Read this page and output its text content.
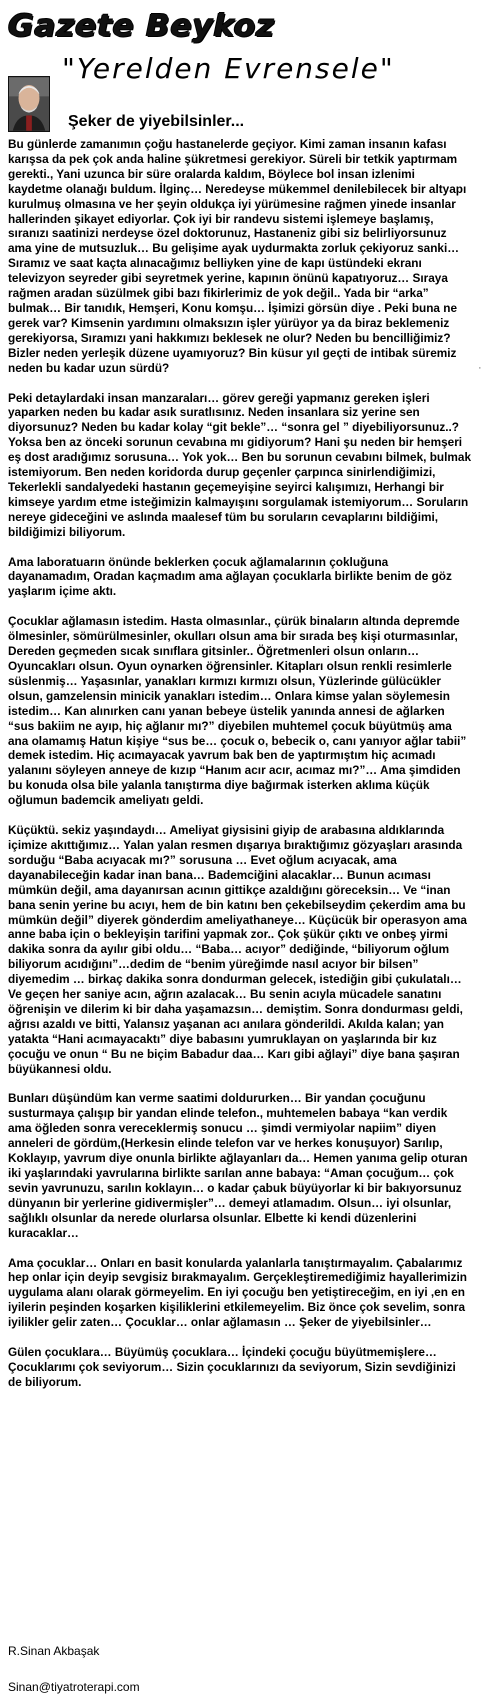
Gazete Beykoz
"Yerelden Evrensele"
Şeker de yiyebilsinler...

Bu günlerde zamanımın çoğu hastanelerde geçiyor. Kimi zaman insanın kafası karışsa da pek çok anda haline şükretmesi gerekiyor. Süreli bir tetkik yaptırmam gerekti., Yani uzunca bir süre oralarda kaldım, Böylece bol insan izlenimi kaydetme olanağı buldum. İlginç… Neredeyse mükemmel denilebilecek bir altyapı kurulmuş olmasına ve her şeyin oldukça iyi yürümesine rağmen yinede insanlar hallerinden şikayet ediyorlar. Çok iyi bir randevu sistemi işlemeye başlamış, sıranızı saatinizi nerdeyse özel doktorunuz, Hastaneniz gibi siz belirliyorsunuz ama yine de mutsuzluk… Bu gelişime ayak uydurmakta zorluk çekiyoruz sanki… Sıramız ve saat kaçta alınacağımız belliyken yine de kapı üstündeki ekranı televizyon seyreder gibi seyretmek yerine, kapının önünü kapatıyoruz… Sıraya rağmen aradan süzülmek gibi bazı fikirlerimiz de yok değil.. Yada bir “arka” bulmak… Bir tanıdık, Hemşeri, Konu komşu… İşimizi görsün diye . Peki buna ne gerek var? Kimsenin yardımını olmaksızın işler yürüyor ya da biraz beklemeniz gerekiyorsa, Sıramızı yani hakkımızı beklesek ne olur? Neden bu bencilliğimiz? Bizler neden yerleşik düzene uyamıyoruz? Bin küsur yıl geçti de intibak süremiz neden bu kadar uzun sürdü?

Peki detaylardaki insan manzaraları… görev gereği yapmanız gereken işleri yaparken neden bu kadar asık suratlısınız. Neden insanlara siz yerine sen diyorsunuz? Neden bu kadar kolay “git bekle”… “sonra gel ” diyebiliyorsunuz..? Yoksa ben az önceki sorunun cevabına mı gidiyorum? Hani şu neden bir hemşeri eş dost aradığımız sorusuna… Yok yok… Ben bu sorunun cevabını bilmek, bulmak istemiyorum. Ben neden koridorda durup geçenler çarpınca sinirlendiğimizi, Tekerlekli sandalyedeki hastanın geçemeyişine seyirci kalışımızı, Herhangi bir kimseye yardım etme isteğimizin kalmayışını sorgulamak istemiyorum… Soruların nereye gideceğini ve aslında maalesef tüm bu soruların cevaplarını bildiğimi, bildiğimizi biliyorum.

Ama laboratuarın önünde beklerken çocuk ağlamalarının çokluğuna dayanamadım, Oradan kaçmadım ama ağlayan çocuklarla birlikte benim de göz yaşlarım içime aktı.

Çocuklar ağlamasın istedim. Hasta olmasınlar., çürük binaların altında depremde ölmesinler, sömürülmesinler, okulları olsun ama bir sırada beş kişi oturmasınlar, Dereden geçmeden sıcak sınıflara gitsinler.. Öğretmenleri olsun onların… Oyuncakları olsun. Oyun oynarken öğrensinler. Kitapları olsun renkli resimlerle süslenmiş… Yaşasınlar, yanakları kırmızı kırmızı olsun, Yüzlerinde gülücükler olsun, gamzelensin minicik yanakları istedim… Onlara kimse yalan söylemesin istedim… Kan alınırken canı yanan bebeye üstelik yanında annesi de ağlarken “sus bakiim ne ayıp, hiç ağlanır mı?” diyebilen muhtemel çocuk büyütmüş ama ana olamamış Hatun kişiye “sus be… çocuk o, bebecik o, canı yanıyor ağlar tabii” demek istedim. Hiç acımayacak yavrum bak ben de yaptırmıştım hiç acımadı yalanını söyleyen anneye de kızıp “Hanım acır acır, acımaz mı?”… Ama şimdiden bu konuda olsa bile yalanla tanıştırma diye bağırmak isterken aklıma küçük oğlumun bademcik ameliyatı geldi.

Küçüktü. sekiz yaşındaydı… Ameliyat giysisini giyip de arabasına aldıklarında içimize akıttığımız… Yalan yalan resmen dışarıya bıraktığımız gözyaşları arasında sorduğu “Baba acıyacak mı?” sorusuna … Evet oğlum acıyacak, ama dayanabileceğin kadar inan bana… Bademciğini alacaklar… Bunun acıması mümkün değil, ama dayanırsan acının gittikçe azaldığını göreceksin… Ve “inan bana senin yerine bu acıyı, hem de bin katını ben çekebilseydim çekerdim ama bu mümkün değil” diyerek gönderdim ameliyathaneye… Küçücük bir operasyon ama anne baba için o bekleyişin tarifini yapmak zor.. Çok şükür çıktı ve onbeş yirmi dakika sonra da ayılır gibi oldu… “Baba… acıyor” dediğinde, “biliyorum oğlum biliyorum acıdığını”…dedim de “benim yüreğimde nasıl acıyor bir bilsen” diyemedim … birkaç dakika sonra dondurman gelecek, istediğin gibi çukulatalı… Ve geçen her saniye acın, ağrın azalacak… Bu senin acıyla mücadele sanatını öğrenişin ve dilerim ki bir daha yaşamazsın… demiştim. Sonra dondurması geldi, ağrısı azaldı ve bitti, Yalansız yaşanan acı anılara gönderildi. Akılda kalan; yan yatakta “Hani acımayacaktı” diye babasını yumruklayan on yaşlarında bir kız çocuğu ve onun “ Bu ne biçim Babadur daa… Karı gibi ağlayi” diye bana şaşıran büyükannesi oldu.

Bunları düşündüm kan verme saatimi doldururken… Bir yandan çocuğunu susturmaya çalışıp bir yandan elinde telefon., muhtemelen babaya “kan verdik ama öğleden sonra vereceklermiş sonucu … şimdi vermiyolar napiim” diyen anneleri de gördüm,(Herkesin elinde telefon var ve herkes konuşuyor) Sarılıp, Koklayıp, yavrum diye onunla birlikte ağlayanları da… Hemen yanıma gelip oturan iki yaşlarındaki yavrularına birlikte sarılan anne babaya: “Aman çocuğum… çok sevin yavrunuzu, sarılın koklayın… o kadar çabuk büyüyorlar ki bir bakıyorsunuz dünyanın bir yerlerine gidivermişler”… demeyi atlamadım. Olsun… iyi olsunlar, sağlıklı olsunlar da nerede olurlarsa olsunlar. Elbette ki kendi düzenlerini kuracaklar…

Ama çocuklar… Onları en basit konularda yalanlarla tanıştırmayalım. Çabalarımız hep onlar için deyip sevgisiz bırakmayalım. Gerçekleştiremediğimiz hayallerimizin uygulama alanı olarak görmeyelim. En iyi çocuğu ben yetiştireceğim, en iyi ,en en iyilerin peşinden koşarken kişiliklerini etkilemeyelim. Biz önce çok sevelim, sonra iyilikler gelir zaten… Çocuklar… onlar ağlamasın … Şeker de yiyebilsinler…

Gülen çocuklara… Büyümüş çocuklara… İçindeki çocuğu büyütmemişlere…

Çocuklarımı çok seviyorum… Sizin çocuklarınızı da seviyorum, Sizin sevdiğinizi de biliyorum.

R.Sinan Akbaşak
Sinan@tiyatroterapi.com
·
